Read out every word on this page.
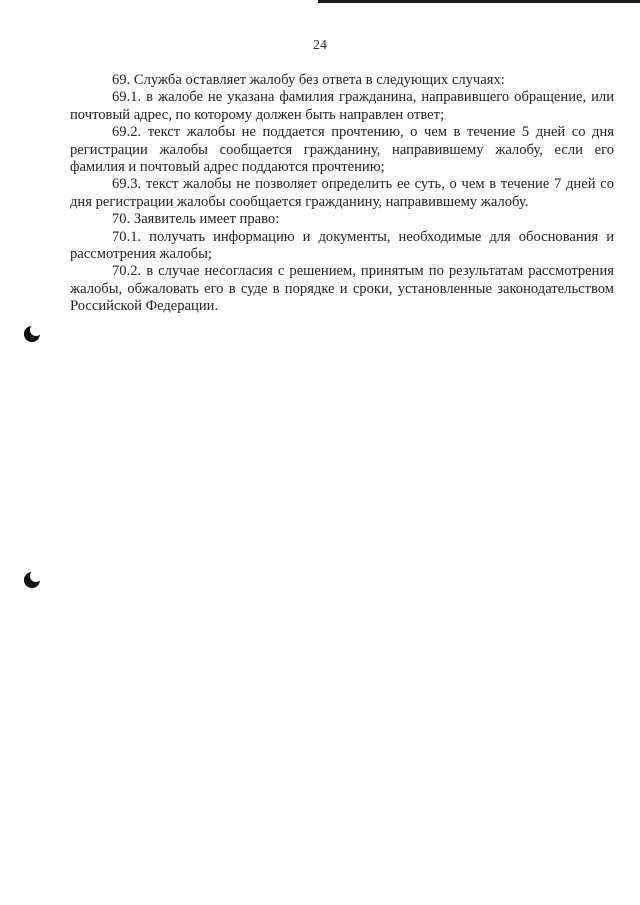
24

69. Служба оставляет жалобу без ответа в следующих случаях:

69.1. в жалобе не указана фамилия гражданина, направившего обращение, или почтовый адрес, по которому должен быть направлен ответ;

69.2. текст жалобы не поддается прочтению, о чем в течение 5 дней со дня регистрации жалобы сообщается гражданину, направившему жалобу, если его фамилия и почтовый адрес поддаются прочтению;

69.3. текст жалобы не позволяет определить ее суть, о чем в течение 7 дней со дня регистрации жалобы сообщается гражданину, направившему жалобу.

70. Заявитель имеет право:

70.1. получать информацию и документы, необходимые для обоснования и рассмотрения жалобы;

70.2. в случае несогласия с решением, принятым по результатам рассмотрения жалобы, обжаловать его в суде в порядке и сроки, установленные законодательством Российской Федерации.
